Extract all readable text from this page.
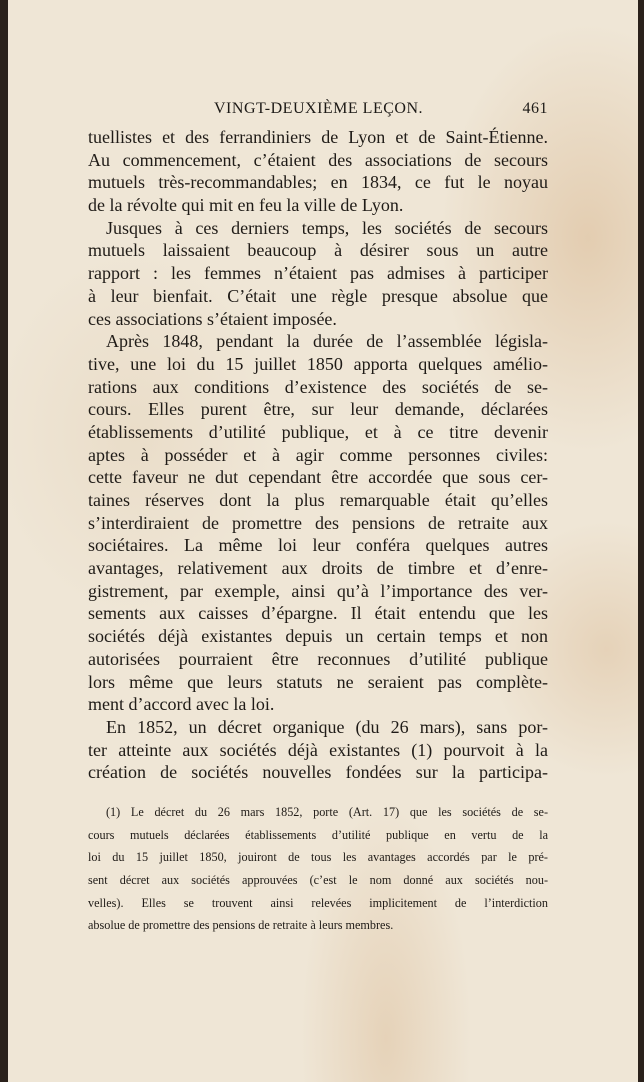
VINGT-DEUXIÈME LEÇON.	461
tuellistes et des ferrandiniers de Lyon et de Saint-Étienne.
Au commencement, c’étaient des associations de secours
mutuels très-recommandables; en 1834, ce fut le noyau
de la révolte qui mit en feu la ville de Lyon.
Jusques à ces derniers temps, les sociétés de secours
mutuels laissaient beaucoup à désirer sous un autre
rapport : les femmes n’étaient pas admises à participer
à leur bienfait. C’était une règle presque absolue que
ces associations s’étaient imposée.
Après 1848, pendant la durée de l’assemblée législa-
tive, une loi du 15 juillet 1850 apporta quelques amélio-
rations aux conditions d’existence des sociétés de se-
cours. Elles purent être, sur leur demande, déclarées
établissements d’utilité publique, et à ce titre devenir
aptes à posséder et à agir comme personnes civiles:
cette faveur ne dut cependant être accordée que sous cer-
taines réserves dont la plus remarquable était qu’elles
s’interdiraient de promettre des pensions de retraite aux
sociétaires. La même loi leur conféra quelques autres
avantages, relativement aux droits de timbre et d’enre-
gistrement, par exemple, ainsi qu’à l’importance des ver-
sements aux caisses d’épargne. Il était entendu que les
sociétés déjà existantes depuis un certain temps et non
autorisées pourraient être reconnues d’utilité publique
lors même que leurs statuts ne seraient pas complète-
ment d’accord avec la loi.
En 1852, un décret organique (du 26 mars), sans por-
ter atteinte aux sociétés déjà existantes (1) pourvoit à la
création de sociétés nouvelles fondées sur la participa-
(1) Le décret du 26 mars 1852, porte (Art. 17) que les sociétés de se-
cours mutuels déclarées établissements d’utilité publique en vertu de la
loi du 15 juillet 1850, jouiront de tous les avantages accordés par le pré-
sent décret aux sociétés approuvées (c’est le nom donné aux sociétés nou-
velles). Elles se trouvent ainsi relevées implicitement de l’interdiction
absolue de promettre des pensions de retraite à leurs membres.
